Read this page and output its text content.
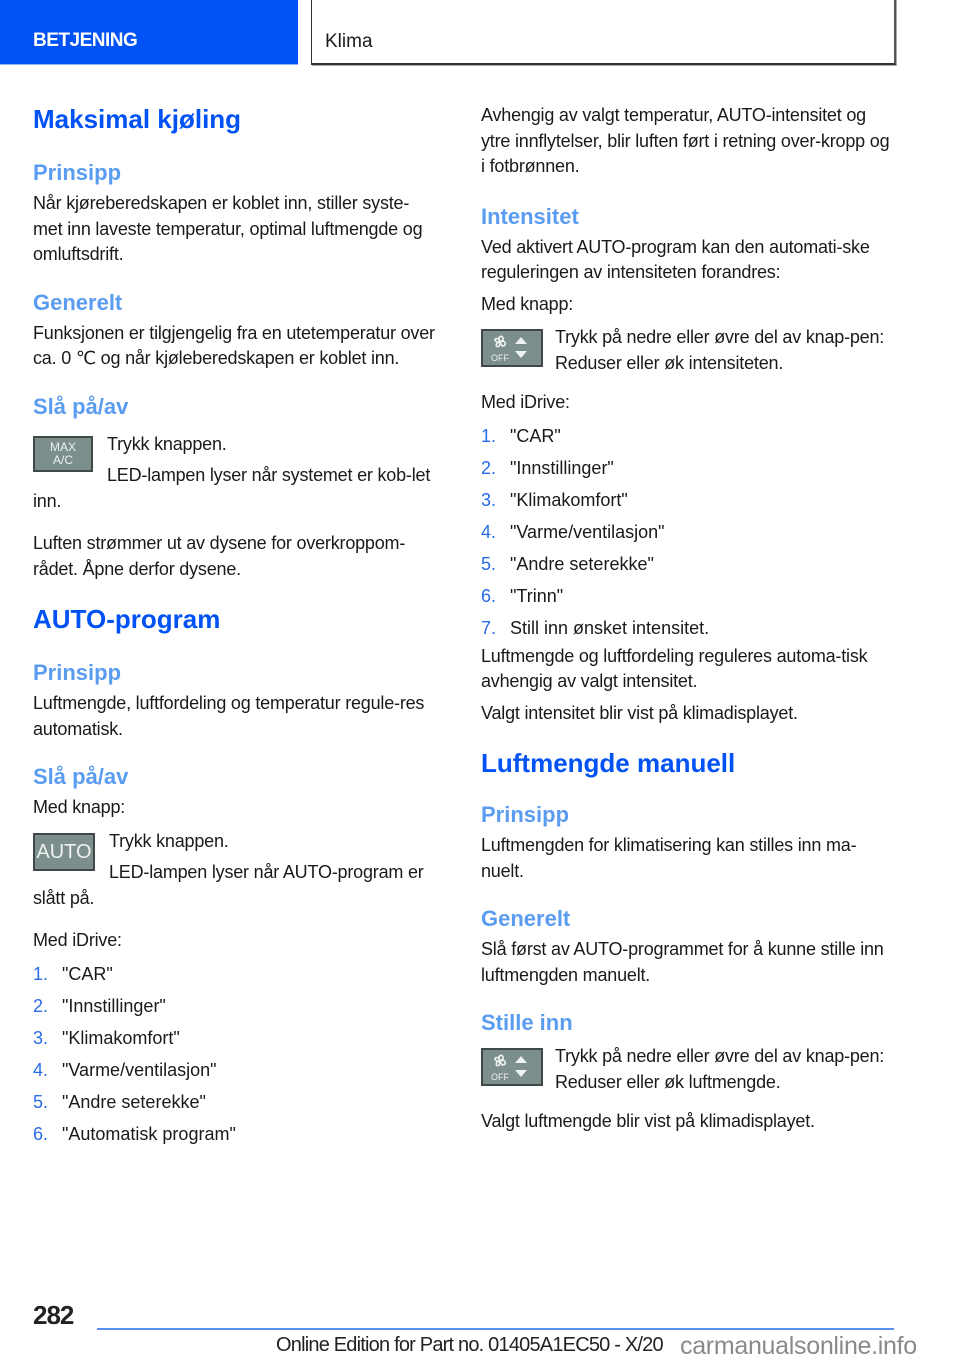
BETJENING	Klima
Maksimal kjøling
Prinsipp

Når kjøreberedskapen er koblet inn, stiller syste-met inn laveste temperatur, optimal luftmengde og omluftsdrift.

Generelt

Funksjonen er tilgjengelig fra en utetemperatur over ca. 0 ℃ og når kjøleberedskapen er koblet inn.

Slå på/av
MAX
A/C

Trykk knappen.

LED-lampen lyser når systemet er kob-let inn.

Luften strømmer ut av dysene for overkroppom-rådet. Åpne derfor dysene.

AUTO-program
Prinsipp

Luftmengde, luftfordeling og temperatur regule-res automatisk.

Slå på/av

Med knapp:

AUTO Trykk knappen.

LED-lampen lyser når AUTO-program er slått på.

Med iDrive:

1. "CAR"
2. "Innstillinger"
3. "Klimakomfort"
4. "Varme/ventilasjon"
5. "Andre seterekke"
6. "Automatisk program"

Avhengig av valgt temperatur, AUTO-intensitet og ytre innflytelser, blir luften ført i retning over-kropp og i fotbrønnen.

Intensitet

Ved aktivert AUTO-program kan den automati-ske reguleringen av intensiteten forandres:

Med knapp:

OFF

Trykk på nedre eller øvre del av knap-pen: Reduser eller øk intensiteten.

Med iDrive:

1. "CAR"
2. "Innstillinger"
3. "Klimakomfort"
4. "Varme/ventilasjon"
5. "Andre seterekke"
6. "Trinn"
7. Still inn ønsket intensitet.

Luftmengde og luftfordeling reguleres automa-tisk avhengig av valgt intensitet.

Valgt intensitet blir vist på klimadisplayet.

Luftmengde manuell
Prinsipp

Luftmengden for klimatisering kan stilles inn ma-nuelt.

Generelt

Slå først av AUTO-programmet for å kunne stille inn luftmengden manuelt.

Stille inn
OFF

Trykk på nedre eller øvre del av knap-pen: Reduser eller øk luftmengde.

Valgt luftmengde blir vist på klimadisplayet.

282
Online Edition for Part no. 01405A1EC50 - X/20 carmanualsonline.info
